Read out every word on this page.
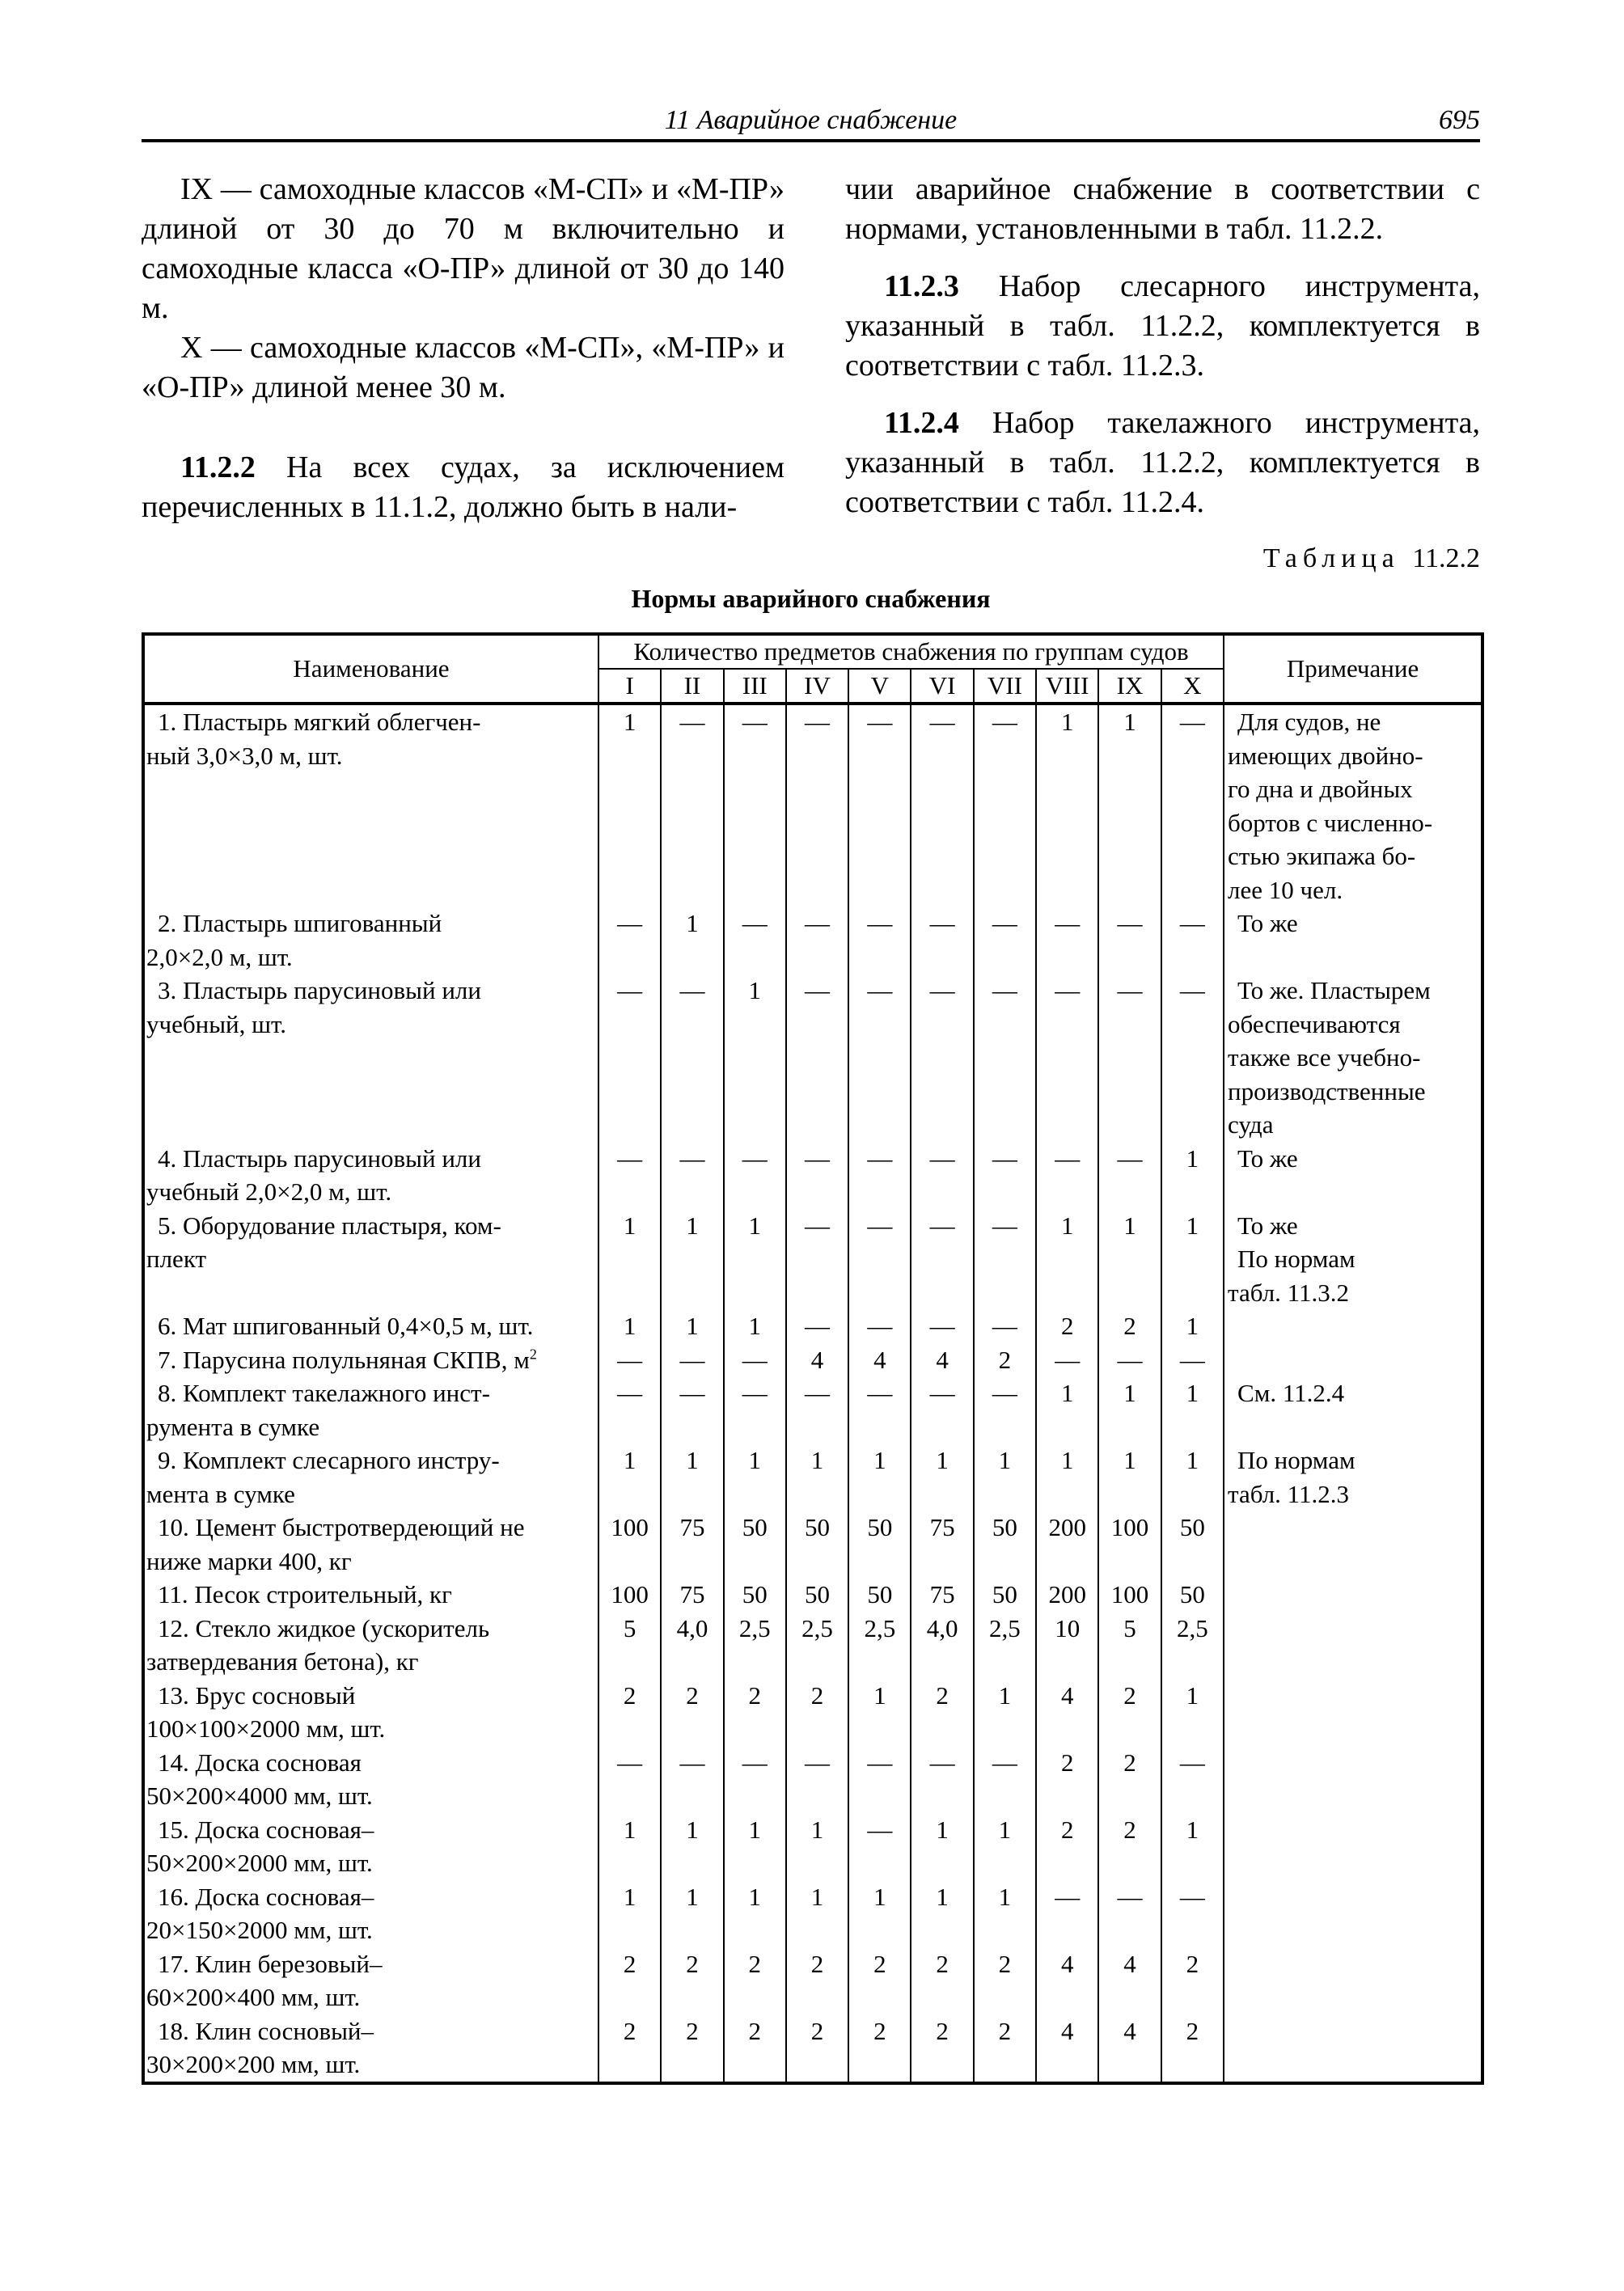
11 Аварийное снабжение	695

IX — самоходные классов «М-СП» и «М-ПР» длиной от 30 до 70 м включительно и самоходные класса «О-ПР» длиной от 30 до 140 м.

X — самоходные классов «М-СП», «М-ПР» и «О-ПР» длиной менее 30 м.

11.2.2 На всех судах, за исключением перечисленных в 11.1.2, должно быть в нали-

чии аварийное снабжение в соответствии с нормами, установленными в табл. 11.2.2.

11.2.3 Набор слесарного инструмента, указанный в табл. 11.2.2, комплектуется в соответствии с табл. 11.2.3.

11.2.4 Набор такелажного инструмента, указанный в табл. 11.2.2, комплектуется в соответствии с табл. 11.2.4.

Таблица 11.2.2
Нормы аварийного снабжения
Наименование	Количество предметов снабжения по группам судов										Примечание
	I	II	III	IV	V	VI	VII	VIII	IX	X	

1. Пластырь мягкий облегчен-
ный 3,0×3,0 м, шт.
	1	—	—	—	—	—	—	1	1	—	Для судов, не
имеющих двойно-
го дна и двойных
бортов с численно-
стью экипажа бо-
лее 10 чел.

2. Пластырь шпигованный
2,0×2,0 м, шт.	—	1	—	—	—	—	—	—	—	—	То же

3. Пластырь парусиновый или
учебный, шт.	—	—	1	—	—	—	—	—	—	—	То же. Пластырем
обеспечиваются
также все учебно-
производственные
суда

4. Пластырь парусиновый или
учебный 2,0×2,0 м, шт.	—	—	—	—	—	—	—	—	—	1	То же

5. Оборудование пластыря, ком-
плект	1	1	1	—	—	—	—	1	1	1	То же
По нормам
табл. 11.3.2

6. Мат шпигованный 0,4×0,5 м, шт.	1	1	1	—	—	—	—	2	2	1	
7. Парусина полульняная СКПВ, $м^2$	—	—	—	4	4	4	2	—	—	—	

8. Комплект такелажного инст-
румента в сумке	—	—	—	—	—	—	—	1	1	1	См. 11.2.4

9. Комплект слесарного инстру-
мента в сумке	1	1	1	1	1	1	1	1	1	1	По нормам
табл. 11.2.3

10. Цемент быстротвердеющий не
ниже марки 400, кг	100	75	50	50	50	75	50	200	100	50	

11. Песок строительный, кг	100	75	50	50	50	75	50	200	100	50	

12. Стекло жидкое (ускоритель
затвердевания бетона), кг	5	4,0	2,5	2,5	2,5	4,0	2,5	10	5	2,5	

13. Брус сосновый
100×100×2000 мм, шт.	2	2	2	2	1	2	1	4	2	1	

14. Доска сосновая
50×200×4000 мм, шт.	—	—	—	—	—	—	—	2	2	—	

15. Доска сосновая–
50×200×2000 мм, шт.	1	1	1	1	—	1	1	2	2	1	

16. Доска сосновая–
20×150×2000 мм, шт.	1	1	1	1	1	1	1	—	—	—	

17. Клин березовый–
60×200×400 мм, шт.	2	2	2	2	2	2	2	4	4	2	

18. Клин сосновый–
30×200×200 мм, шт.	2	2	2	2	2	2	2	4	4	2	
